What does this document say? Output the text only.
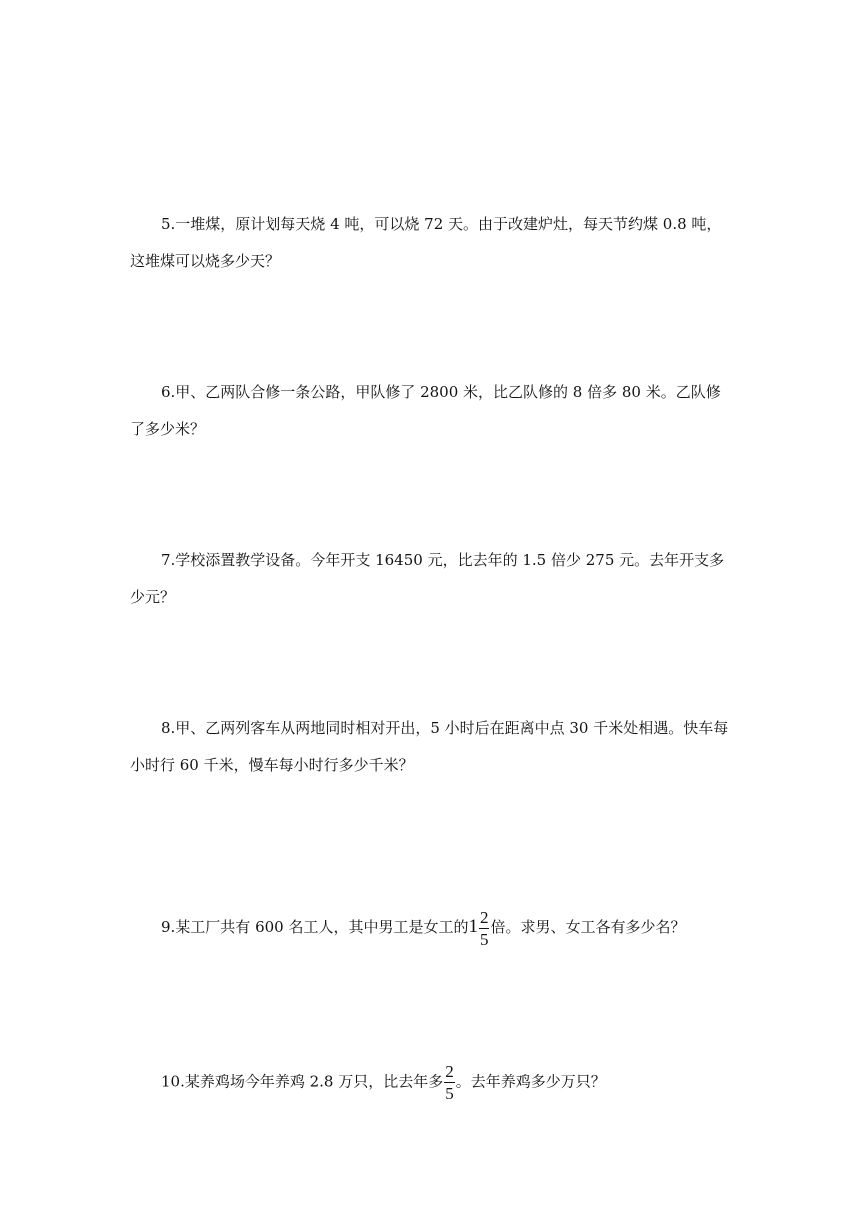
5.一堆煤，原计划每天烧 4 吨，可以烧 72 天。由于改建炉灶，每天节约煤 0.8 吨，这堆煤可以烧多少天？

6.甲、乙两队合修一条公路，甲队修了 2800 米，比乙队修的 8 倍多 80 米。乙队修了多少米？

7.学校添置教学设备。今年开支 16450 元，比去年的 1.5 倍少 275 元。去年开支多少元？

8.甲、乙两列客车从两地同时相对开出，5 小时后在距离中点 30 千米处相遇。快车每小时行 60 千米，慢车每小时行多少千米？

9.某工厂共有 600 名工人，其中男工是女工的$1 \frac{2}{5}$ 倍。求男、女工各有多少名？

10.某养鸡场今年养鸡 2.8 万只，比去年多 $\frac{2}{5}$ 。去年养鸡多少万只？
